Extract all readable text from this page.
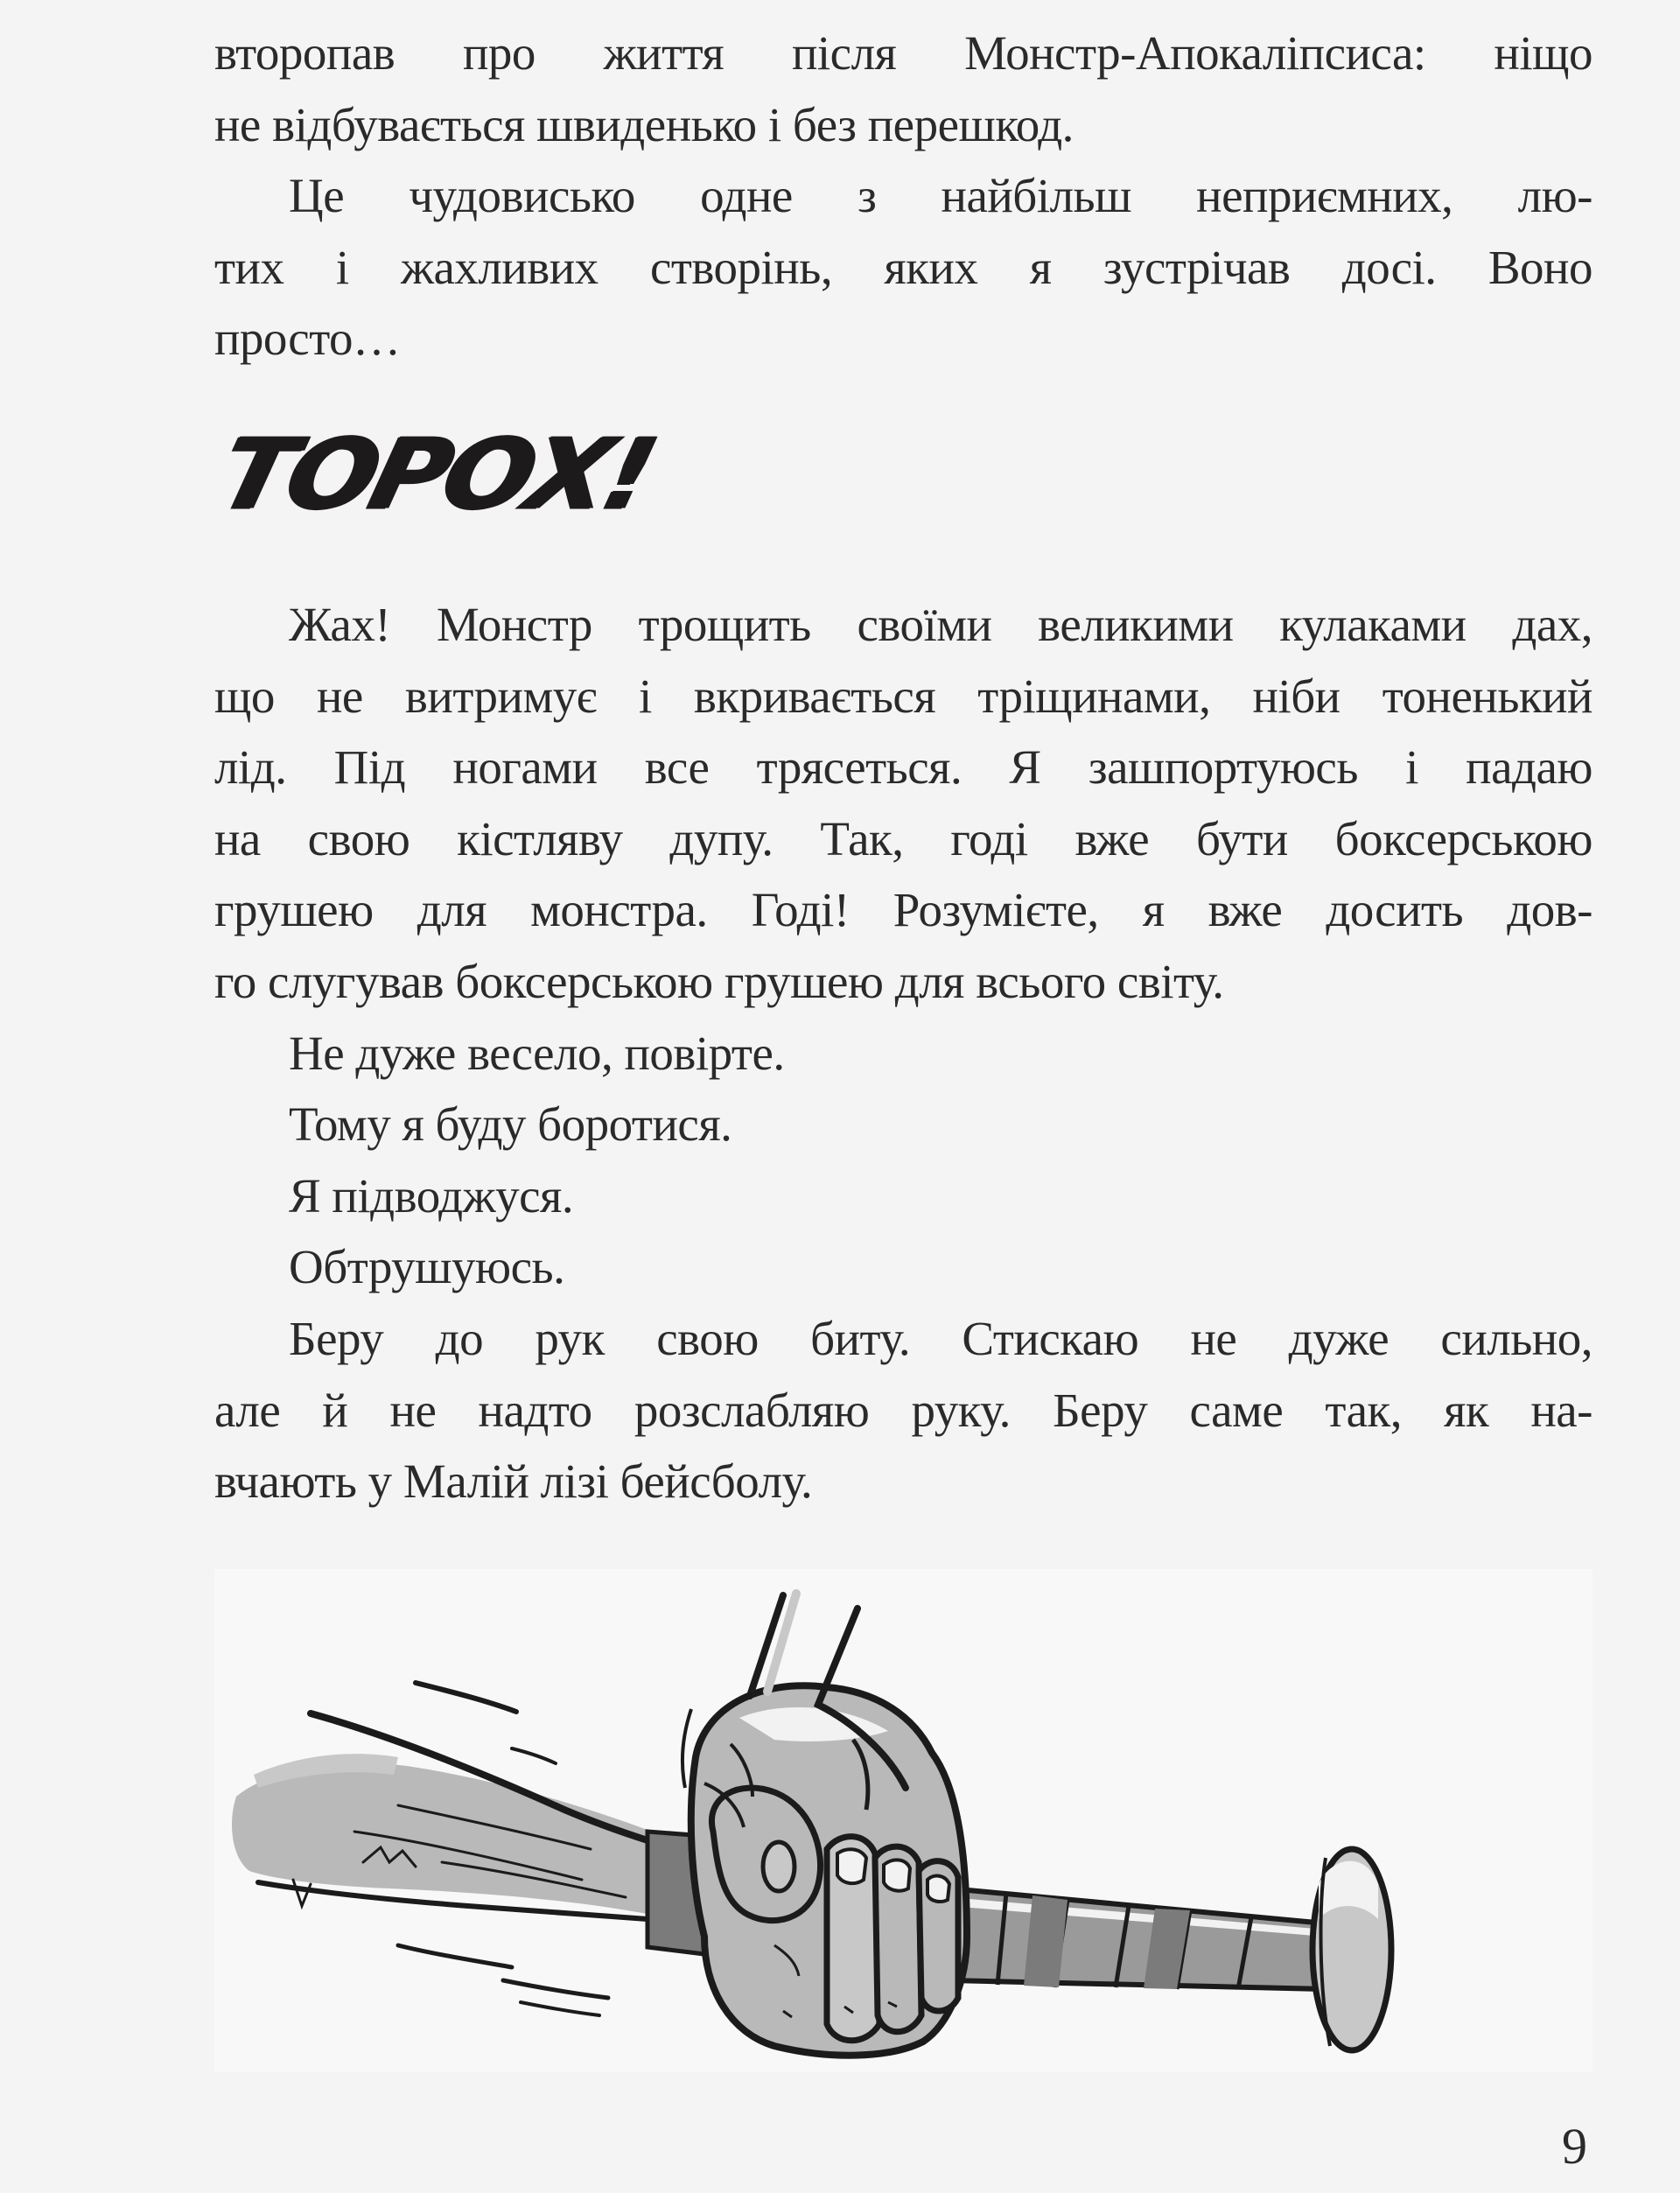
второпав про життя після Монстр-Апокаліпсиса: ніщо
не відбувається швиденько і без перешкод.
Це чудовисько одне з найбільш неприємних, лю-
тих і жахливих створінь, яких я зустрічав досі. Воно
просто…
ТОРОХ!
Жах! Монстр трощить своїми великими кулаками дах,
що не витримує і вкривається тріщинами, ніби тоненький
лід. Під ногами все трясеться. Я зашпортуюсь і падаю
на свою кістляву дупу. Так, годі вже бути боксерською
грушею для монстра. Годі! Розумієте, я вже досить дов-
го слугував боксерською грушею для всього світу.
Не дуже весело, повірте.
Тому я буду боротися.
Я підводжуся.
Обтрушуюсь.
Беру до рук свою биту. Стискаю не дуже сильно,
але й не надто розслабляю руку. Беру саме так, як на-
вчають у Малій лізі бейсболу.
9
